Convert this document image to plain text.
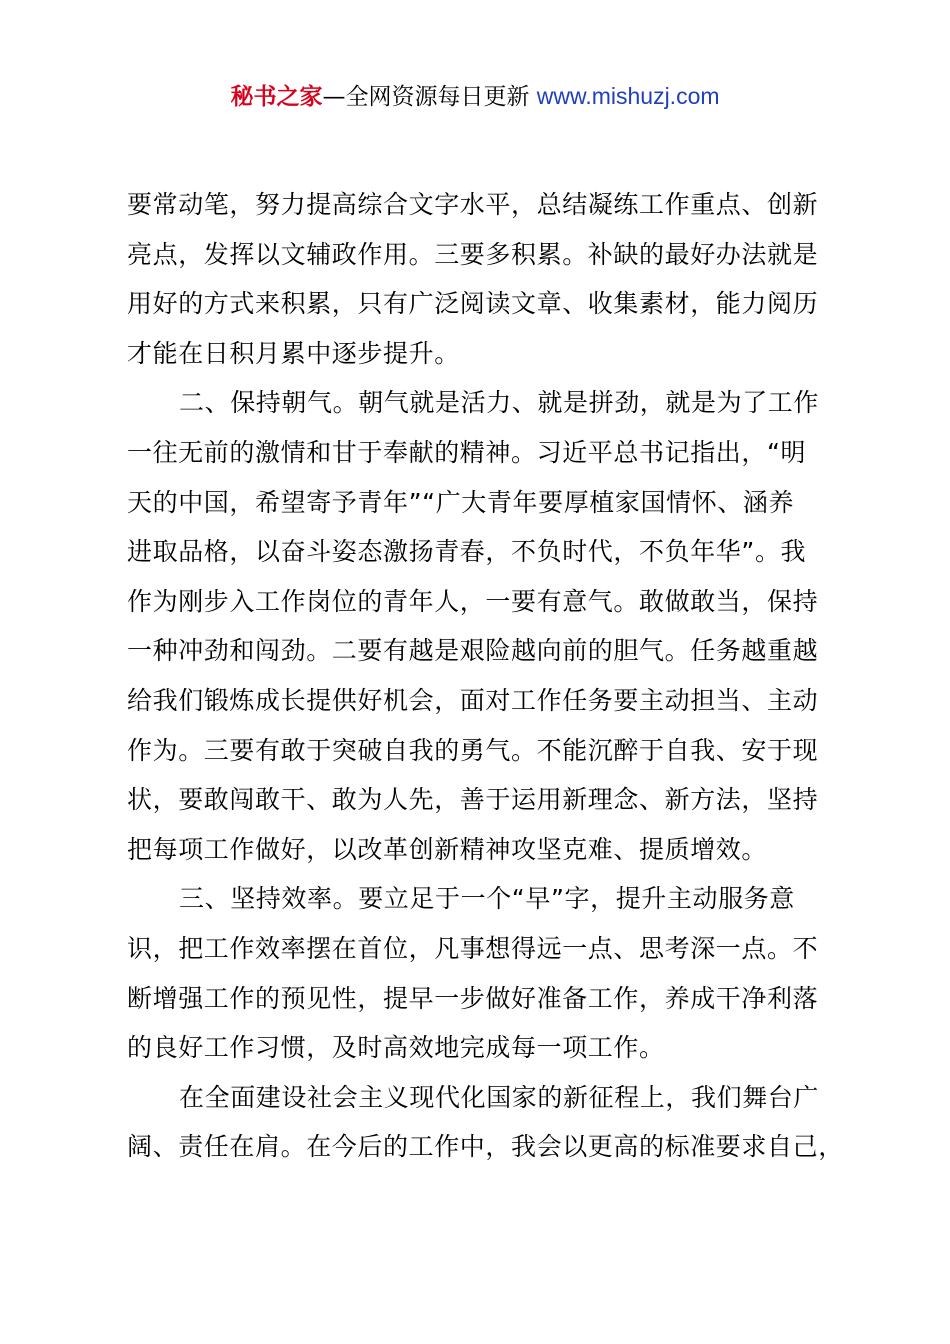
秘书之家—全网资源每日更新 www.mishuzj.com
要常动笔，努力提高综合文字水平，总结凝练工作重点、创新
亮点，发挥以文辅政作用。三要多积累。补缺的最好办法就是
用好的方式来积累，只有广泛阅读文章、收集素材，能力阅历
才能在日积月累中逐步提升。
二、保持朝气。朝气就是活力、就是拼劲，就是为了工作
一往无前的激情和甘于奉献的精神。习近平总书记指出，“明
天的中国，希望寄予青年”“广大青年要厚植家国情怀、涵养
进取品格，以奋斗姿态激扬青春，不负时代，不负年华”。我
作为刚步入工作岗位的青年人，一要有意气。敢做敢当，保持
一种冲劲和闯劲。二要有越是艰险越向前的胆气。任务越重越
给我们锻炼成长提供好机会，面对工作任务要主动担当、主动
作为。三要有敢于突破自我的勇气。不能沉醉于自我、安于现
状，要敢闯敢干、敢为人先，善于运用新理念、新方法，坚持
把每项工作做好，以改革创新精神攻坚克难、提质增效。
三、坚持效率。要立足于一个“早”字，提升主动服务意
识，把工作效率摆在首位，凡事想得远一点、思考深一点。不
断增强工作的预见性，提早一步做好准备工作，养成干净利落
的良好工作习惯，及时高效地完成每一项工作。
在全面建设社会主义现代化国家的新征程上，我们舞台广
阔、责任在肩。在今后的工作中，我会以更高的标准要求自己，
